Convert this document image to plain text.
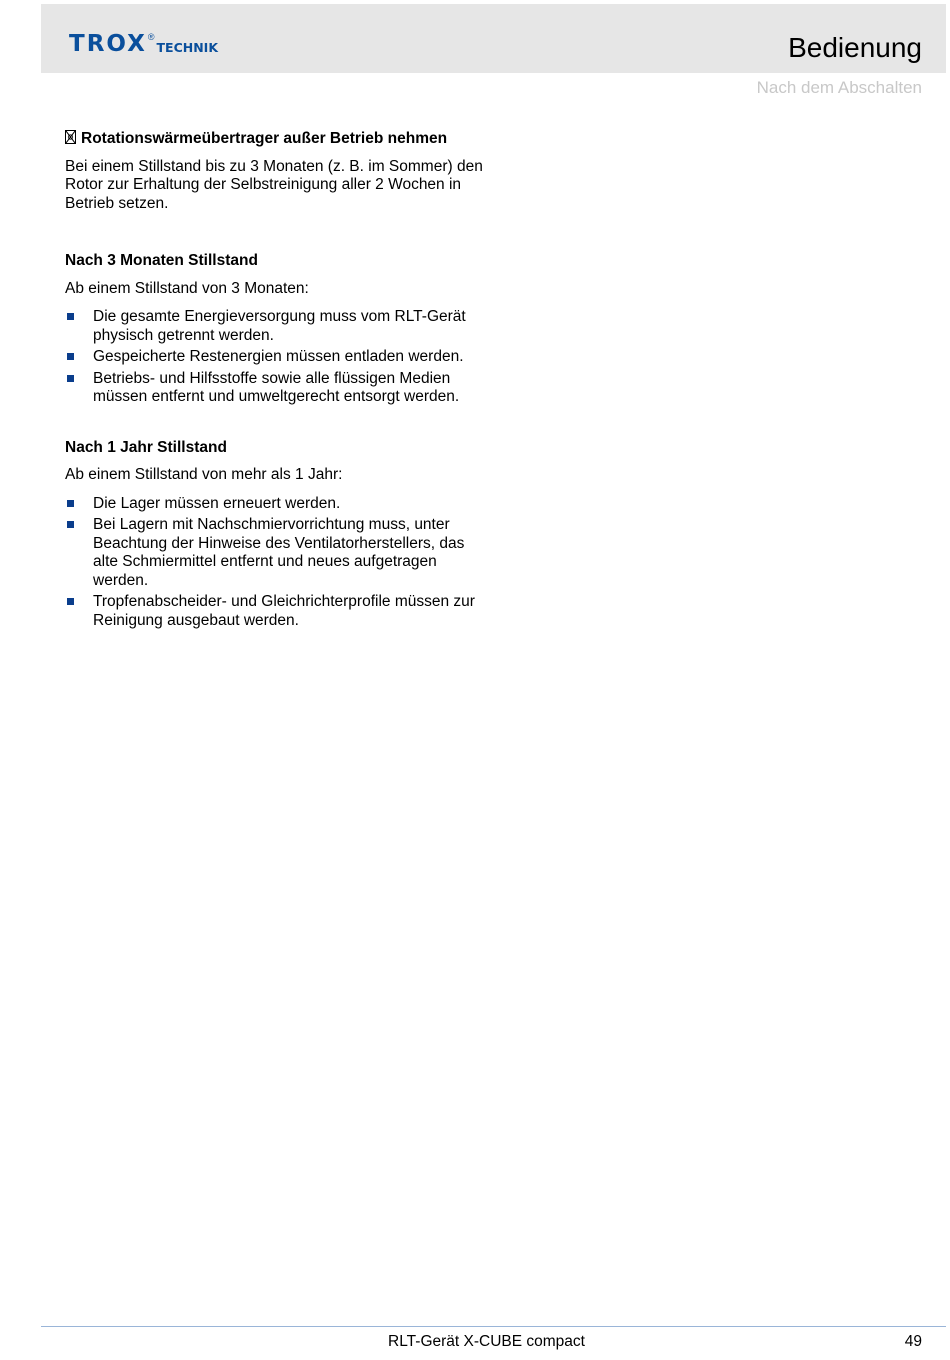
TROX ®
TECHNIK	Bedienung
Nach dem Abschalten
Rotationswärmeübertrager außer Betrieb nehmen

Bei einem Stillstand bis zu 3 Monaten (z. B. im Sommer) den Rotor zur Erhaltung der Selbstreinigung aller 2 Wochen in Betrieb setzen.

Nach 3 Monaten Stillstand

Ab einem Stillstand von 3 Monaten:

Die gesamte Energieversorgung muss vom RLT-Gerät physisch getrennt werden.
Gespeicherte Restenergien müssen entladen werden.
Betriebs- und Hilfsstoffe sowie alle flüssigen Medien müssen entfernt und umweltgerecht entsorgt werden.
Nach 1 Jahr Stillstand

Ab einem Stillstand von mehr als 1 Jahr:

Die Lager müssen erneuert werden.
Bei Lagern mit Nachschmiervorrichtung muss, unter Beachtung der Hinweise des Ventilatorherstellers, das alte Schmiermittel entfernt und neues aufgetragen werden.
Tropfenabscheider- und Gleichrichterprofile müssen zur Reinigung ausgebaut werden.
RLT-Gerät X-CUBE compact	49
